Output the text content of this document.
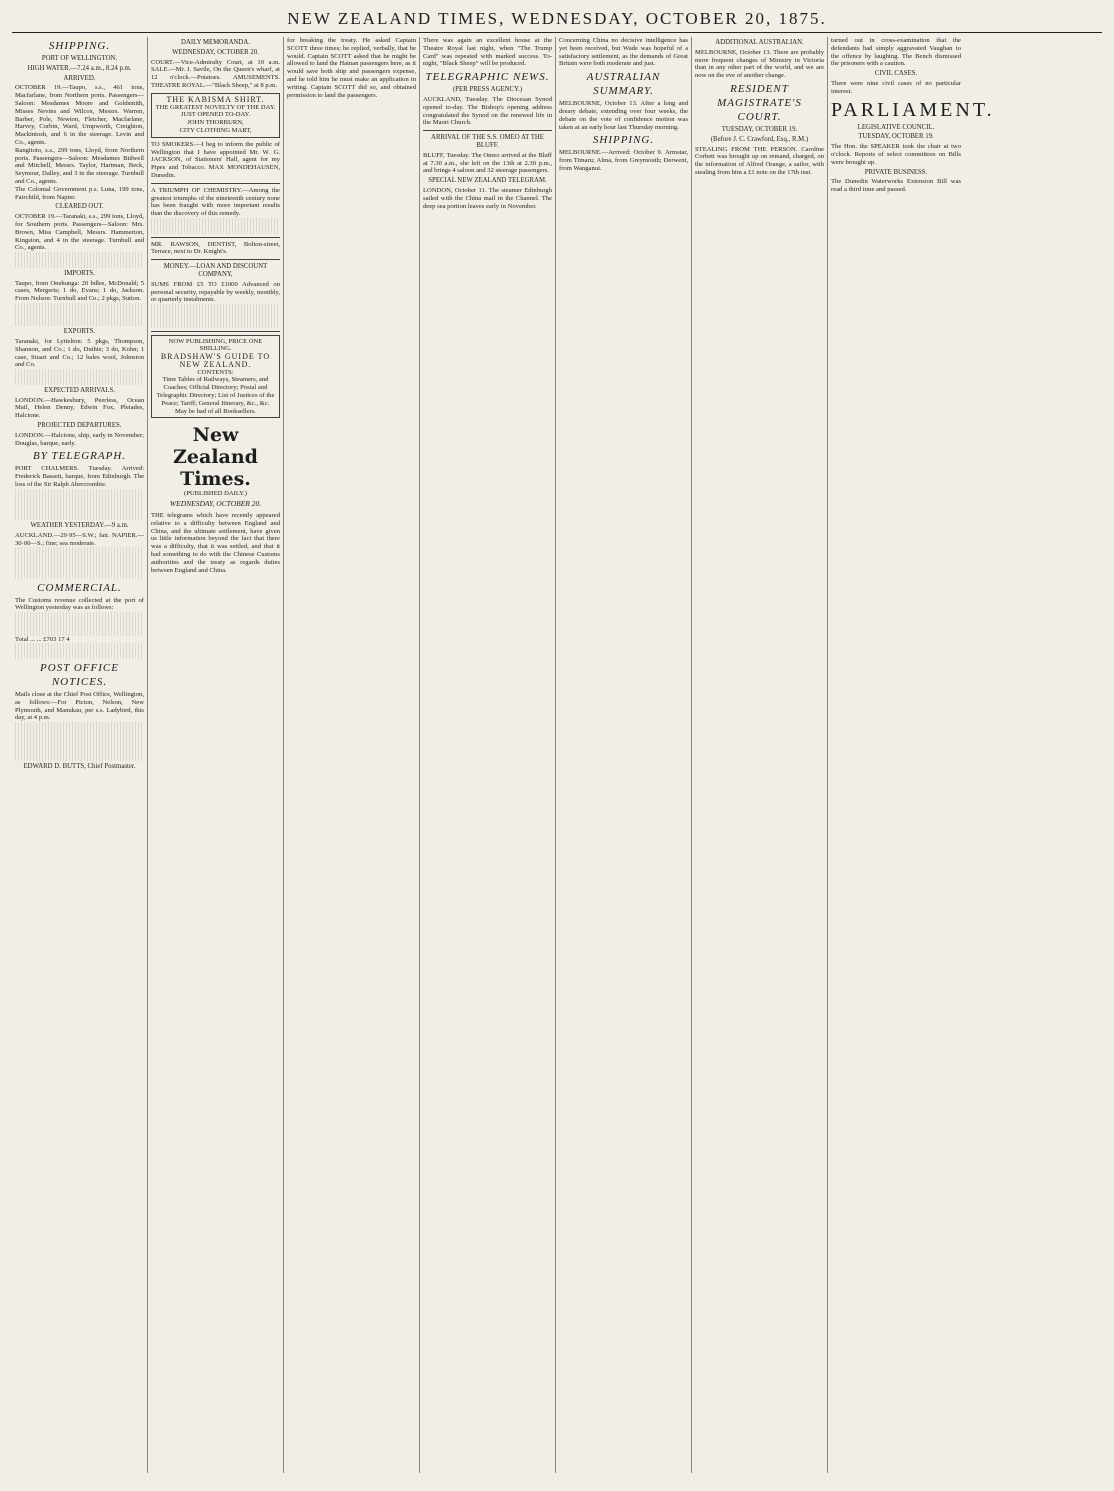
NEW ZEALAND TIMES, WEDNESDAY, OCTOBER 20, 1875.
SHIPPING.
PORT OF WELLINGTON.
HIGH WATER.—7.24 a.m., 8.24 p.m.
ARRIVED.
OCTOBER 19.—Taupo, s.s., 461 tons, Macfarlane, from Northern ports. Passengers—Saloon: Mesdames Moore and Goldsmith, Misses Nevins and Wilcox, Messrs. Warren, Barber, Pole, Newton, Fletcher, Macfarlane, Harvey, Corbin, Ward, Umpworth, Creighton, Mackintosh, and 6 in the steerage. Levin and Co., agents.
Rangitoto, s.s., 299 tons, Lloyd, from Northern ports. Passengers—Saloon: Mesdames Bidwell and Mitchell, Messrs. Taylor, Hartman, Beck, Seymour, Dalley, and 3 in the steerage. Turnbull and Co., agents.
The Colonial Government p.s. Luna, 199 tons, Fairchild, from Napier.
CLEARED OUT.
OCTOBER 19.—Taranaki, s.s., 299 tons, Lloyd, for Southern ports. Passengers—Saloon: Mrs. Brown, Miss Campbell, Messrs. Hammerton, Kingston, and 4 in the steerage. Turnbull and Co., agents.
IMPORTS.
Taupo, from Onehunga: 20 bdles, McDonald; 5 cases, Mergerts; 1 do, Evans; 1 do, Jackson. From Nelson: Turnbull and Co.; 2 pkgs, Sutton.
EXPORTS.
Taranaki, for Lyttelton: 5 pkgs, Thompson, Shannon, and Co.; 1 do, Duthie; 3 do, Kohn; 1 case, Stuart and Co.; 12 bales wool, Johnston and Co.
EXPECTED ARRIVALS.
LONDON.—Hawkesbury, Peerless, Ocean Mail, Helen Denny, Edwin Fox, Pleiades, Halcione.
PROJECTED DEPARTURES.
LONDON.—Halcione, ship, early in November; Douglas, barque, early.
BY TELEGRAPH.
PORT CHALMERS. Tuesday. Arrived: Frederick Bassett, barque, from Edinburgh. The loss of the Sir Ralph Abercrombie.
WEATHER YESTERDAY.—9 a.m.
AUCKLAND.—29·95—S.W.; fair. NAPIER.—30·00—S.; fine; sea moderate.
COMMERCIAL.
The Customs revenue collected at the port of Wellington yesterday was as follows:
Total ... ... £703 17 4
POST OFFICE NOTICES.
Mails close at the Chief Post Office, Wellington, as follows:—For Picton, Nelson, New Plymouth, and Manukau, per s.s. Ladybird, this day, at 4 p.m.
EDWARD D. BUTTS, Chief Postmaster.
DAILY MEMORANDA.
WEDNESDAY, OCTOBER 20.
COURT.—Vice-Admiralty Court, at 10 a.m. SALE.—Mr. J. Savile, On the Queen's wharf, at 12 o'clock.—Potatoes. AMUSEMENTS. THEATRE ROYAL.—"Black Sheep," at 8 p.m.
THE KABISMA SHIRT.
THE GREATEST NOVELTY OF THE DAY.
JUST OPENED TO-DAY.
JOHN THORBURN,
CITY CLOTHING MART,
TO SMOKERS.—I beg to inform the public of Wellington that I have appointed Mr. W. G. JACKSON, of Stationers' Hall, agent for my Pipes and Tobacco. MAX MONDEHAUSEN, Dunedin.
A TRIUMPH OF CHEMISTRY.—Among the greatest triumphs of the nineteenth century none has been fraught with more important results than the discovery of this remedy.
MR. RAWSON, DENTIST, Bolton-street, Terrace, next to Dr. Knight's.
MONEY.—LOAN AND DISCOUNT COMPANY,
SUMS FROM £5 TO £1000 Advanced on personal security, repayable by weekly, monthly, or quarterly instalments.
NOW PUBLISHING, PRICE ONE SHILLING.
BRADSHAW'S GUIDE TO NEW ZEALAND.
CONTENTS:
Time Tables of Railways, Steamers, and Coaches; Official Directory; Postal and Telegraphic Directory; List of Justices of the Peace; Tariff; General Itinerary, &c., &c.
May be had of all Booksellers.
New Zealand Times.
(PUBLISHED DAILY.)
WEDNESDAY, OCTOBER 20.
THE telegrams which have recently appeared relative to a difficulty between England and China, and the ultimate settlement, have given us little information beyond the fact that there was a difficulty, that it was settled, and that it had something to do with the Chinese Customs authorities and the treaty as regards duties between England and China.
for breaking the treaty. He asked Captain SCOTT three times; he replied, verbally, that he would. Captain SCOTT asked that he might be allowed to land the Hainan passengers here, as it would save both ship and passengers expense, and he told him he must make an application in writing. Captain SCOTT did so, and obtained permission to land the passengers.
There was again an excellent house at the Theatre Royal last night, when "The Trump Card" was repeated with marked success. To-night, "Black Sheep" will be produced.
TELEGRAPHIC NEWS.
(PER PRESS AGENCY.)
AUCKLAND, Tuesday. The Diocesan Synod opened to-day. The Bishop's opening address congratulated the Synod on the renewed life in the Maori Church.
ARRIVAL OF THE S.S. OMEO AT THE BLUFF.
BLUFF, Tuesday. The Omeo arrived at the Bluff at 7.30 a.m., she left on the 13th at 2.30 p.m., and brings 4 saloon and 32 steerage passengers.
SPECIAL NEW ZEALAND TELEGRAM.
LONDON, October 11. The steamer Edinburgh sailed with the China mail in the Channel. The deep sea portion leaves early in November.
Concerning China no decisive intelligence has yet been received, but Wade was hopeful of a satisfactory settlement, as the demands of Great Britain were both moderate and just.
AUSTRALIAN SUMMARY.
MELBOURNE, October 13. After a long and dreary debate, extending over four weeks, the debate on the vote of confidence motion was taken at an early hour last Thursday morning.
SHIPPING.
MELBOURNE.—Arrived: October 9. Armstar, from Timaru; Alma, from Greymouth; Derwent, from Wanganui.
ADDITIONAL AUSTRALIAN.
MELBOURNE, October 13. There are probably more frequent changes of Ministry in Victoria than in any other part of the world, and we are now on the eve of another change.
RESIDENT MAGISTRATE'S COURT.
TUESDAY, OCTOBER 19.
(Before J. C. Crawford, Esq., R.M.)
STEALING FROM THE PERSON. Caroline Corbett was brought up on remand, charged, on the information of Alfred Orange, a sailor, with stealing from him a £1 note on the 17th inst.
turned out in cross-examination that the defendants had simply aggravated Vaughan to the offence by laughing. The Bench dismissed the prisoners with a caution.
CIVIL CASES.
There were nine civil cases of no particular interest.
PARLIAMENT.
LEGISLATIVE COUNCIL.
TUESDAY, OCTOBER 19.
The Hon. the SPEAKER took the chair at two o'clock. Reports of select committees on Bills were brought up.
PRIVATE BUSINESS.
The Dunedin Waterworks Extension Bill was read a third time and passed.
